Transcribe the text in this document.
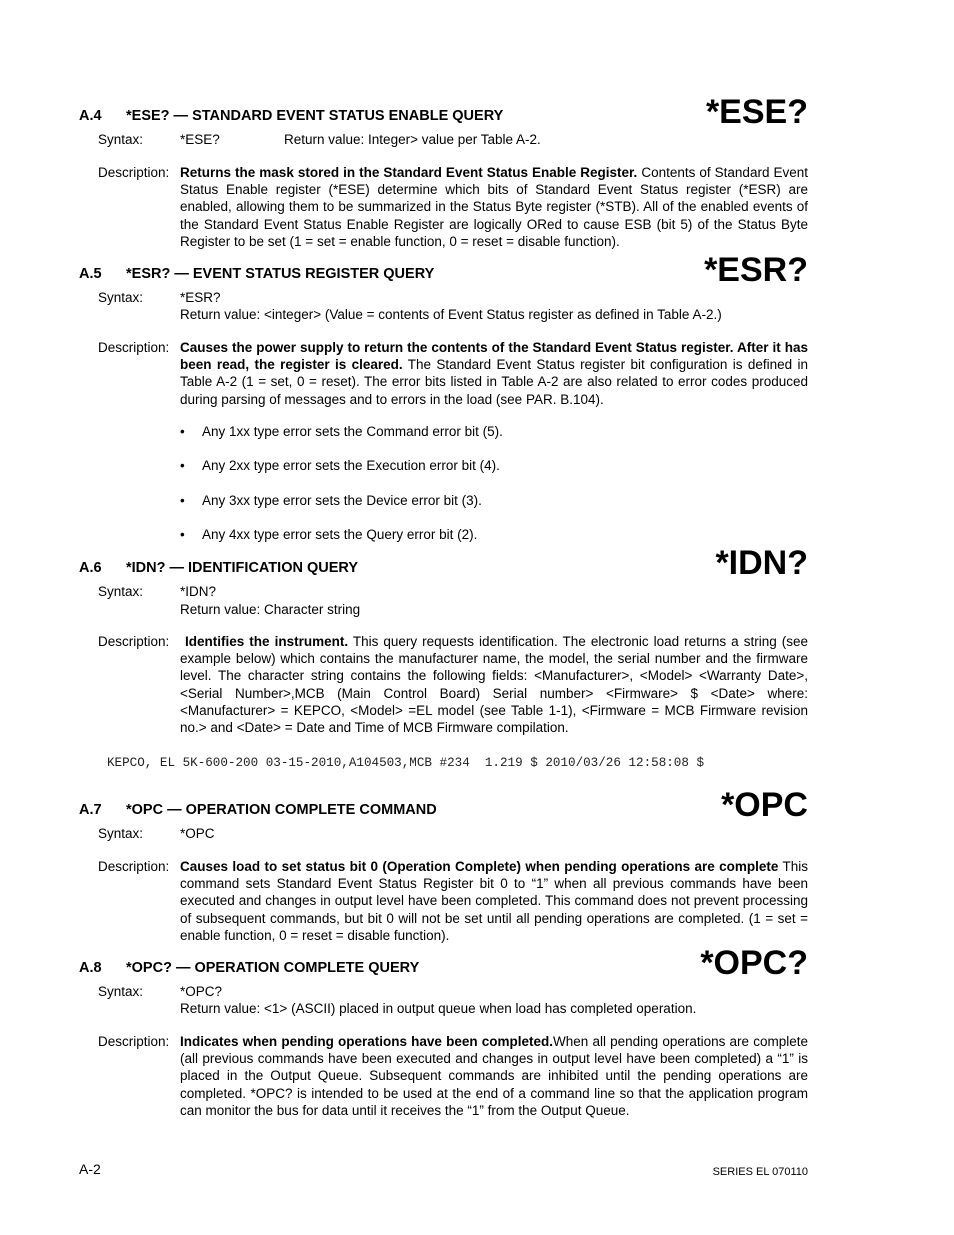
*ESE?
A.4 *ESE? — STANDARD EVENT STATUS ENABLE QUERY
Syntax:	*ESE?	Return value: Integer> value per Table A-2.
Description: Returns the mask stored in the Standard Event Status Enable Register. Contents of Standard Event Status Enable register (*ESE) determine which bits of Standard Event Status register (*ESR) are enabled, allowing them to be summarized in the Status Byte register (*STB). All of the enabled events of the Standard Event Status Enable Register are logically ORed to cause ESB (bit 5) of the Status Byte Register to be set (1 = set = enable function, 0 = reset = disable function).
*ESR?
A.5 *ESR? — EVENT STATUS REGISTER QUERY
Syntax:	*ESR?
Return value: <integer> (Value = contents of Event Status register as defined in Table A-2.)
Description: Causes the power supply to return the contents of the Standard Event Status register. After it has been read, the register is cleared. The Standard Event Status register bit configuration is defined in Table A-2 (1 = set, 0 = reset). The error bits listed in Table A-2 are also related to error codes produced during parsing of messages and to errors in the load (see PAR. B.104).
• Any 1xx type error sets the Command error bit (5).
• Any 2xx type error sets the Execution error bit (4).
• Any 3xx type error sets the Device error bit (3).
• Any 4xx type error sets the Query error bit (2).
*IDN?
A.6 *IDN? — IDENTIFICATION QUERY
Syntax:	*IDN?
Return value: Character string
Description:	Identifies the instrument. This query requests identification. The electronic load returns a string (see example below) which contains the manufacturer name, the model, the serial number and the firmware level. The character string contains the following fields: <Manufacturer>, <Model> <Warranty Date>,<Serial Number>,MCB (Main Control Board) Serial number> <Firmware> $ <Date> where: <Manufacturer> = KEPCO, <Model> =EL model (see Table 1-1), <Firmware = MCB Firmware revision no.> and <Date> = Date and Time of MCB Firmware compilation.
KEPCO, EL 5K-600-200 03-15-2010,A104503,MCB #234  1.219 $ 2010/03/26 12:58:08 $
*OPC
A.7 *OPC — OPERATION COMPLETE COMMAND
Syntax:	*OPC
Description: Causes load to set status bit 0 (Operation Complete) when pending operations are complete This command sets Standard Event Status Register bit 0 to “1” when all previous commands have been executed and changes in output level have been completed. This command does not prevent processing of subsequent commands, but bit 0 will not be set until all pending operations are completed. (1 = set = enable function, 0 = reset = disable function).
*OPC?
A.8 *OPC? — OPERATION COMPLETE QUERY
Syntax:	*OPC?
Return value: <1> (ASCII) placed in output queue when load has completed operation.
Description: Indicates when pending operations have been completed.When all pending operations are complete (all previous commands have been executed and changes in output level have been completed) a “1” is placed in the Output Queue. Subsequent commands are inhibited until the pending operations are completed. *OPC? is intended to be used at the end of a command line so that the application program can monitor the bus for data until it receives the “1” from the Output Queue.
A-2	SERIES EL 070110
